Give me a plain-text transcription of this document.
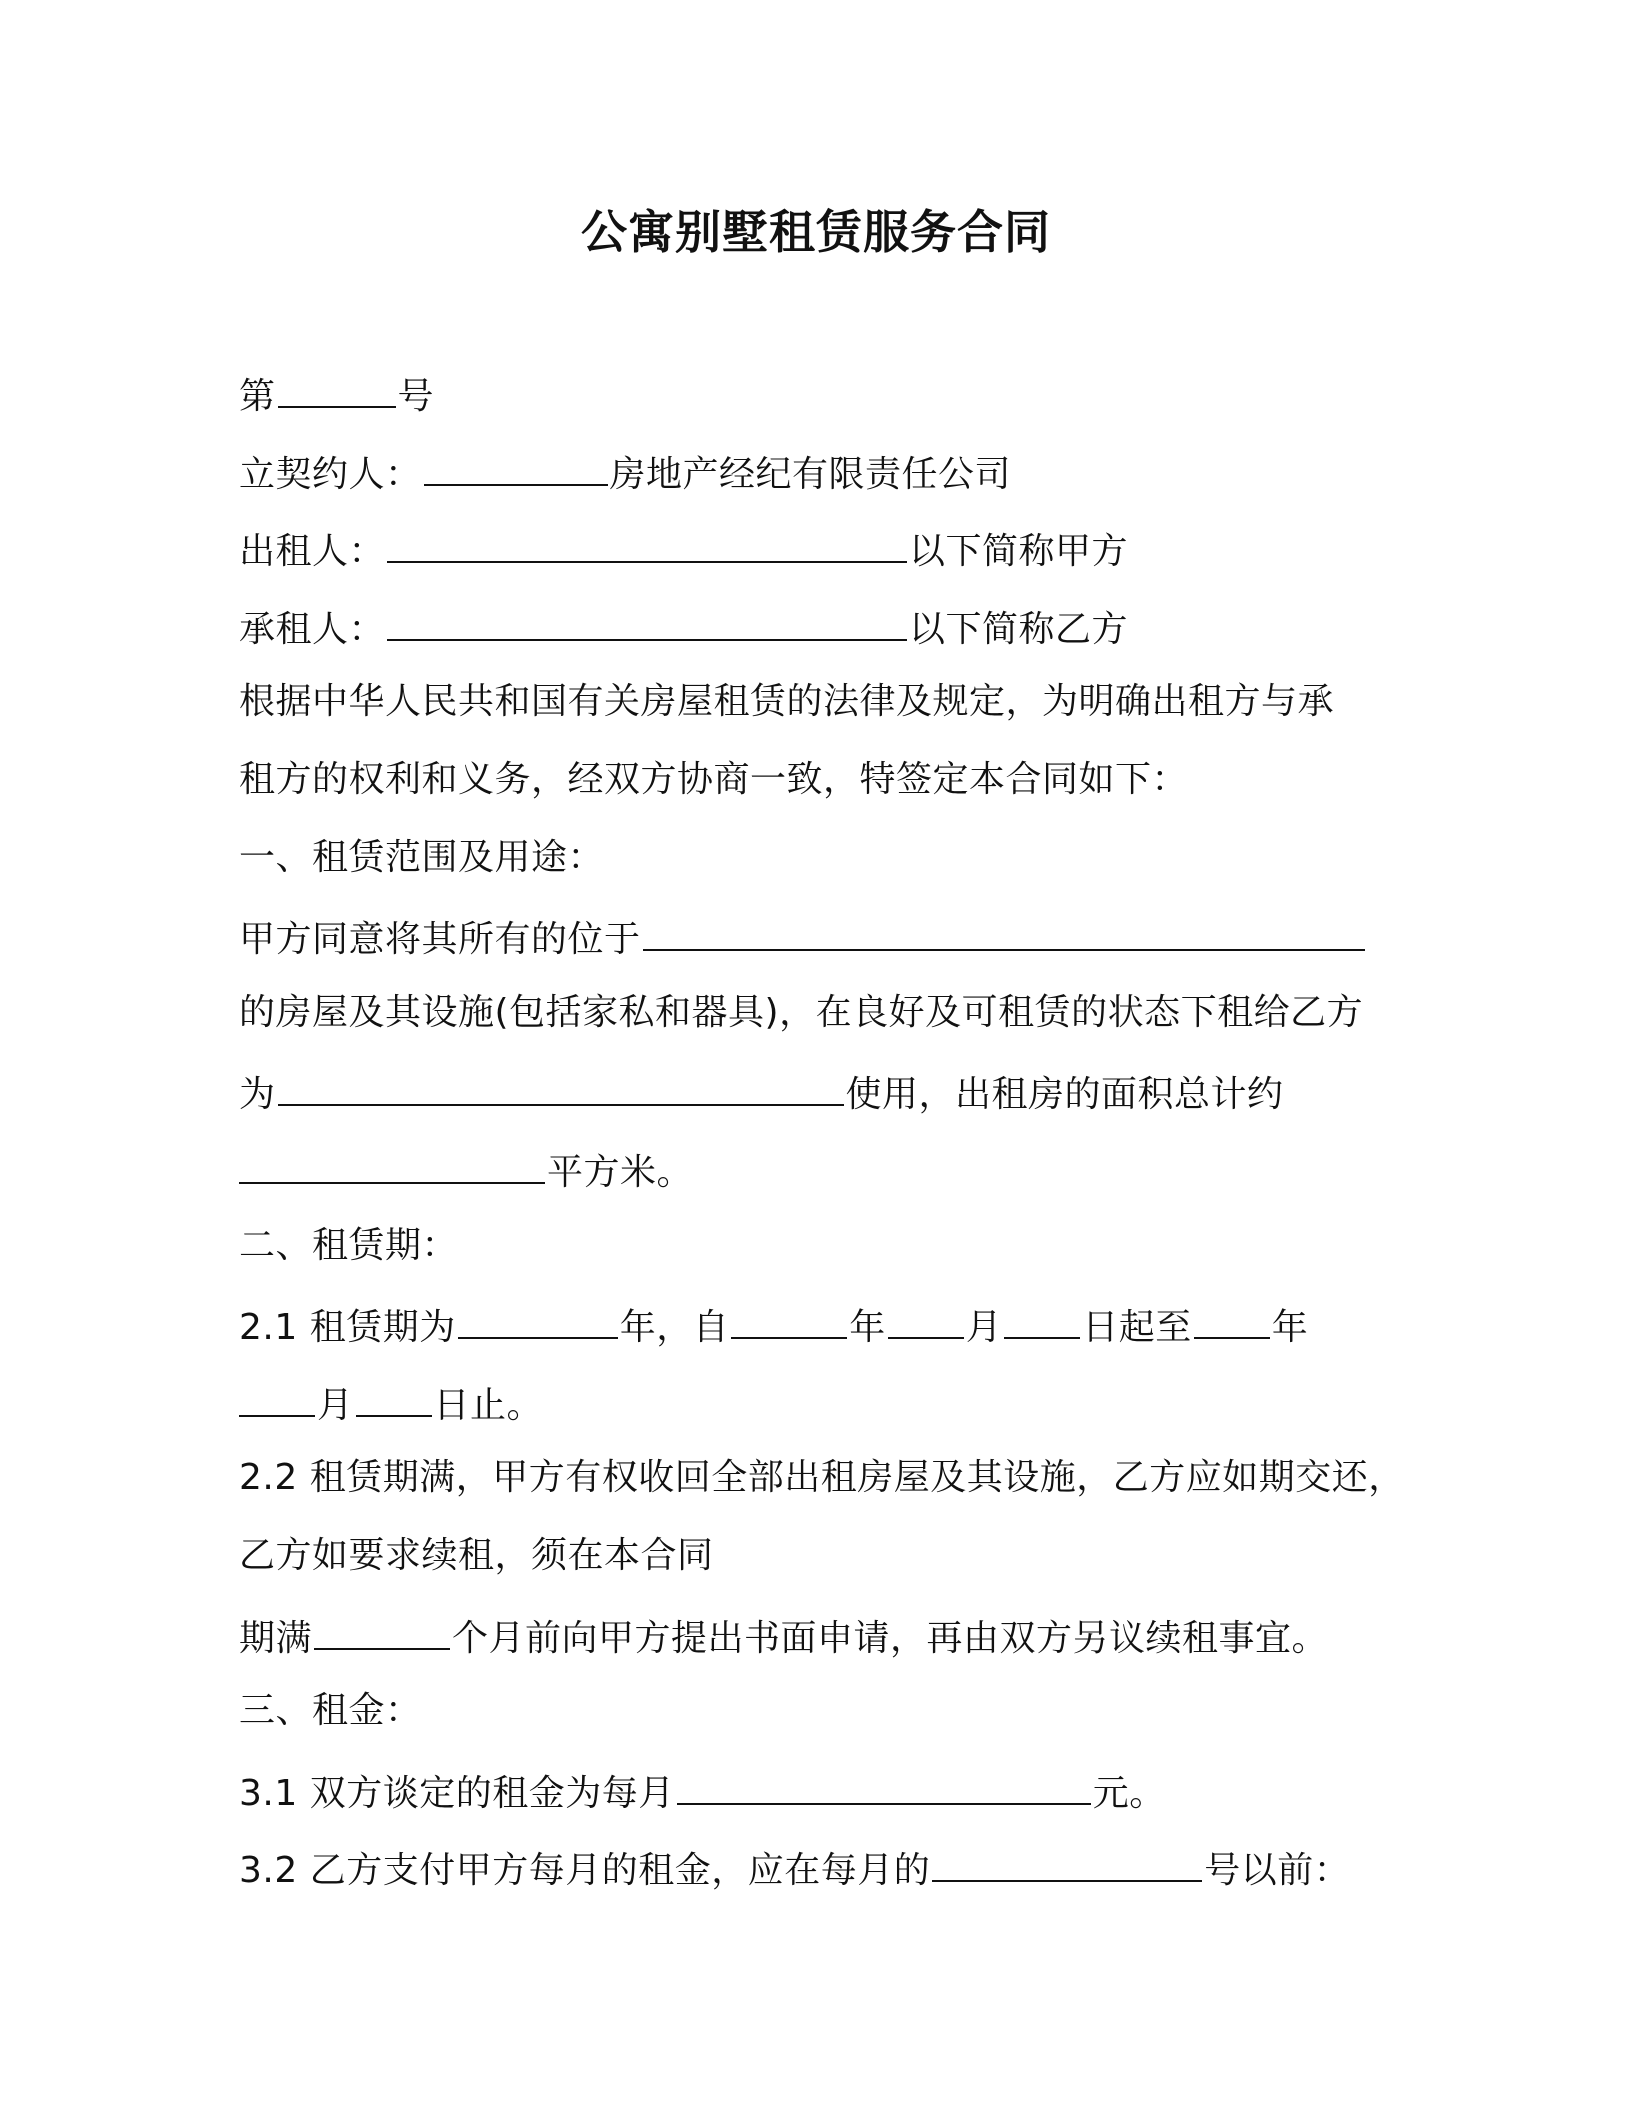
公寓别墅租赁服务合同
第	号
立契约人：	房地产经纪有限责任公司
出租人：	以下简称甲方
承租人：	以下简称乙方
根据中华人民共和国有关房屋租赁的法律及规定，为明确出租方与承
租方的权利和义务，经双方协商一致，特签定本合同如下：
一、租赁范围及用途：
甲方同意将其所有的位于
的房屋及其设施(包括家私和器具)，在良好及可租赁的状态下租给乙方
为	使用，出租房的面积总计约
平方米。
二、租赁期：
2.1 租赁期为	年，自	年 月 日起至 年
月 日止。
2.2 租赁期满，甲方有权收回全部出租房屋及其设施，乙方应如期交还，
乙方如要求续租，须在本合同
期满	个月前向甲方提出书面申请，再由双方另议续租事宜。
三、租金：
3.1 双方谈定的租金为每月	元。
3.2 乙方支付甲方每月的租金，应在每月的	号以前：
